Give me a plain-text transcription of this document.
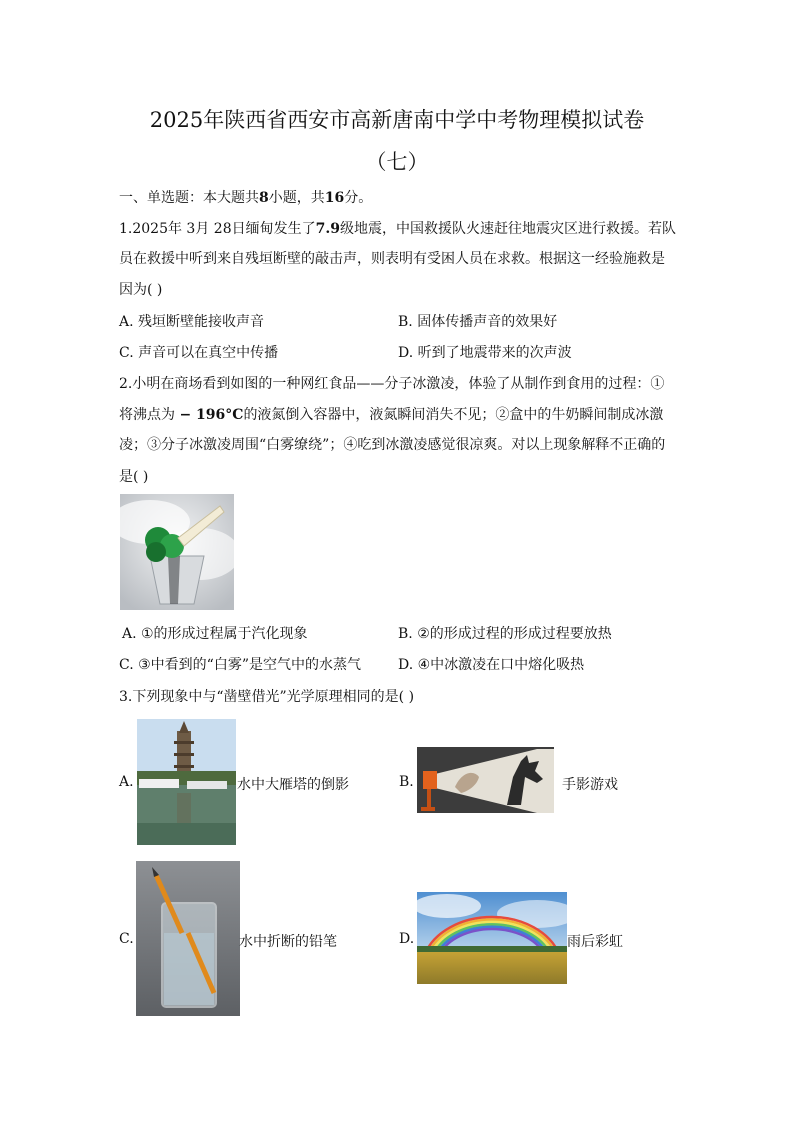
2025年陕西省西安市高新唐南中学中考物理模拟试卷
（七）
一、单选题：本大题共8小题，共16分。
1.2025年 3月 28日缅甸发生了7.9级地震，中国救援队火速赶往地震灾区进行救援。若队
员在救援中听到来自残垣断壁的敲击声，则表明有受困人员在求救。根据这一经验施救是
因为( )
A. 残垣断壁能接收声音	B. 固体传播声音的效果好
C. 声音可以在真空中传播	D. 听到了地震带来的次声波
2.小明在商场看到如图的一种网红食品——分子冰激凌，体验了从制作到食用的过程：①
将沸点为 − 196°C的液氮倒入容器中，液氮瞬间消失不见；②盒中的牛奶瞬间制成冰激
凌；③分子冰激凌周围“白雾缭绕”；④吃到冰激凌感觉很凉爽。对以上现象解释不正确的
是( )
A. ①的形成过程属于汽化现象	B. ②的形成过程的形成过程要放热
C. ③中看到的“白雾”是空气中的水蒸气	D. ④中冰激凌在口中熔化吸热
3.下列现象中与“凿壁借光”光学原理相同的是( )
A.	水中大雁塔的倒影	B.	手影游戏
C.	水中折断的铅笔	D.	雨后彩虹
